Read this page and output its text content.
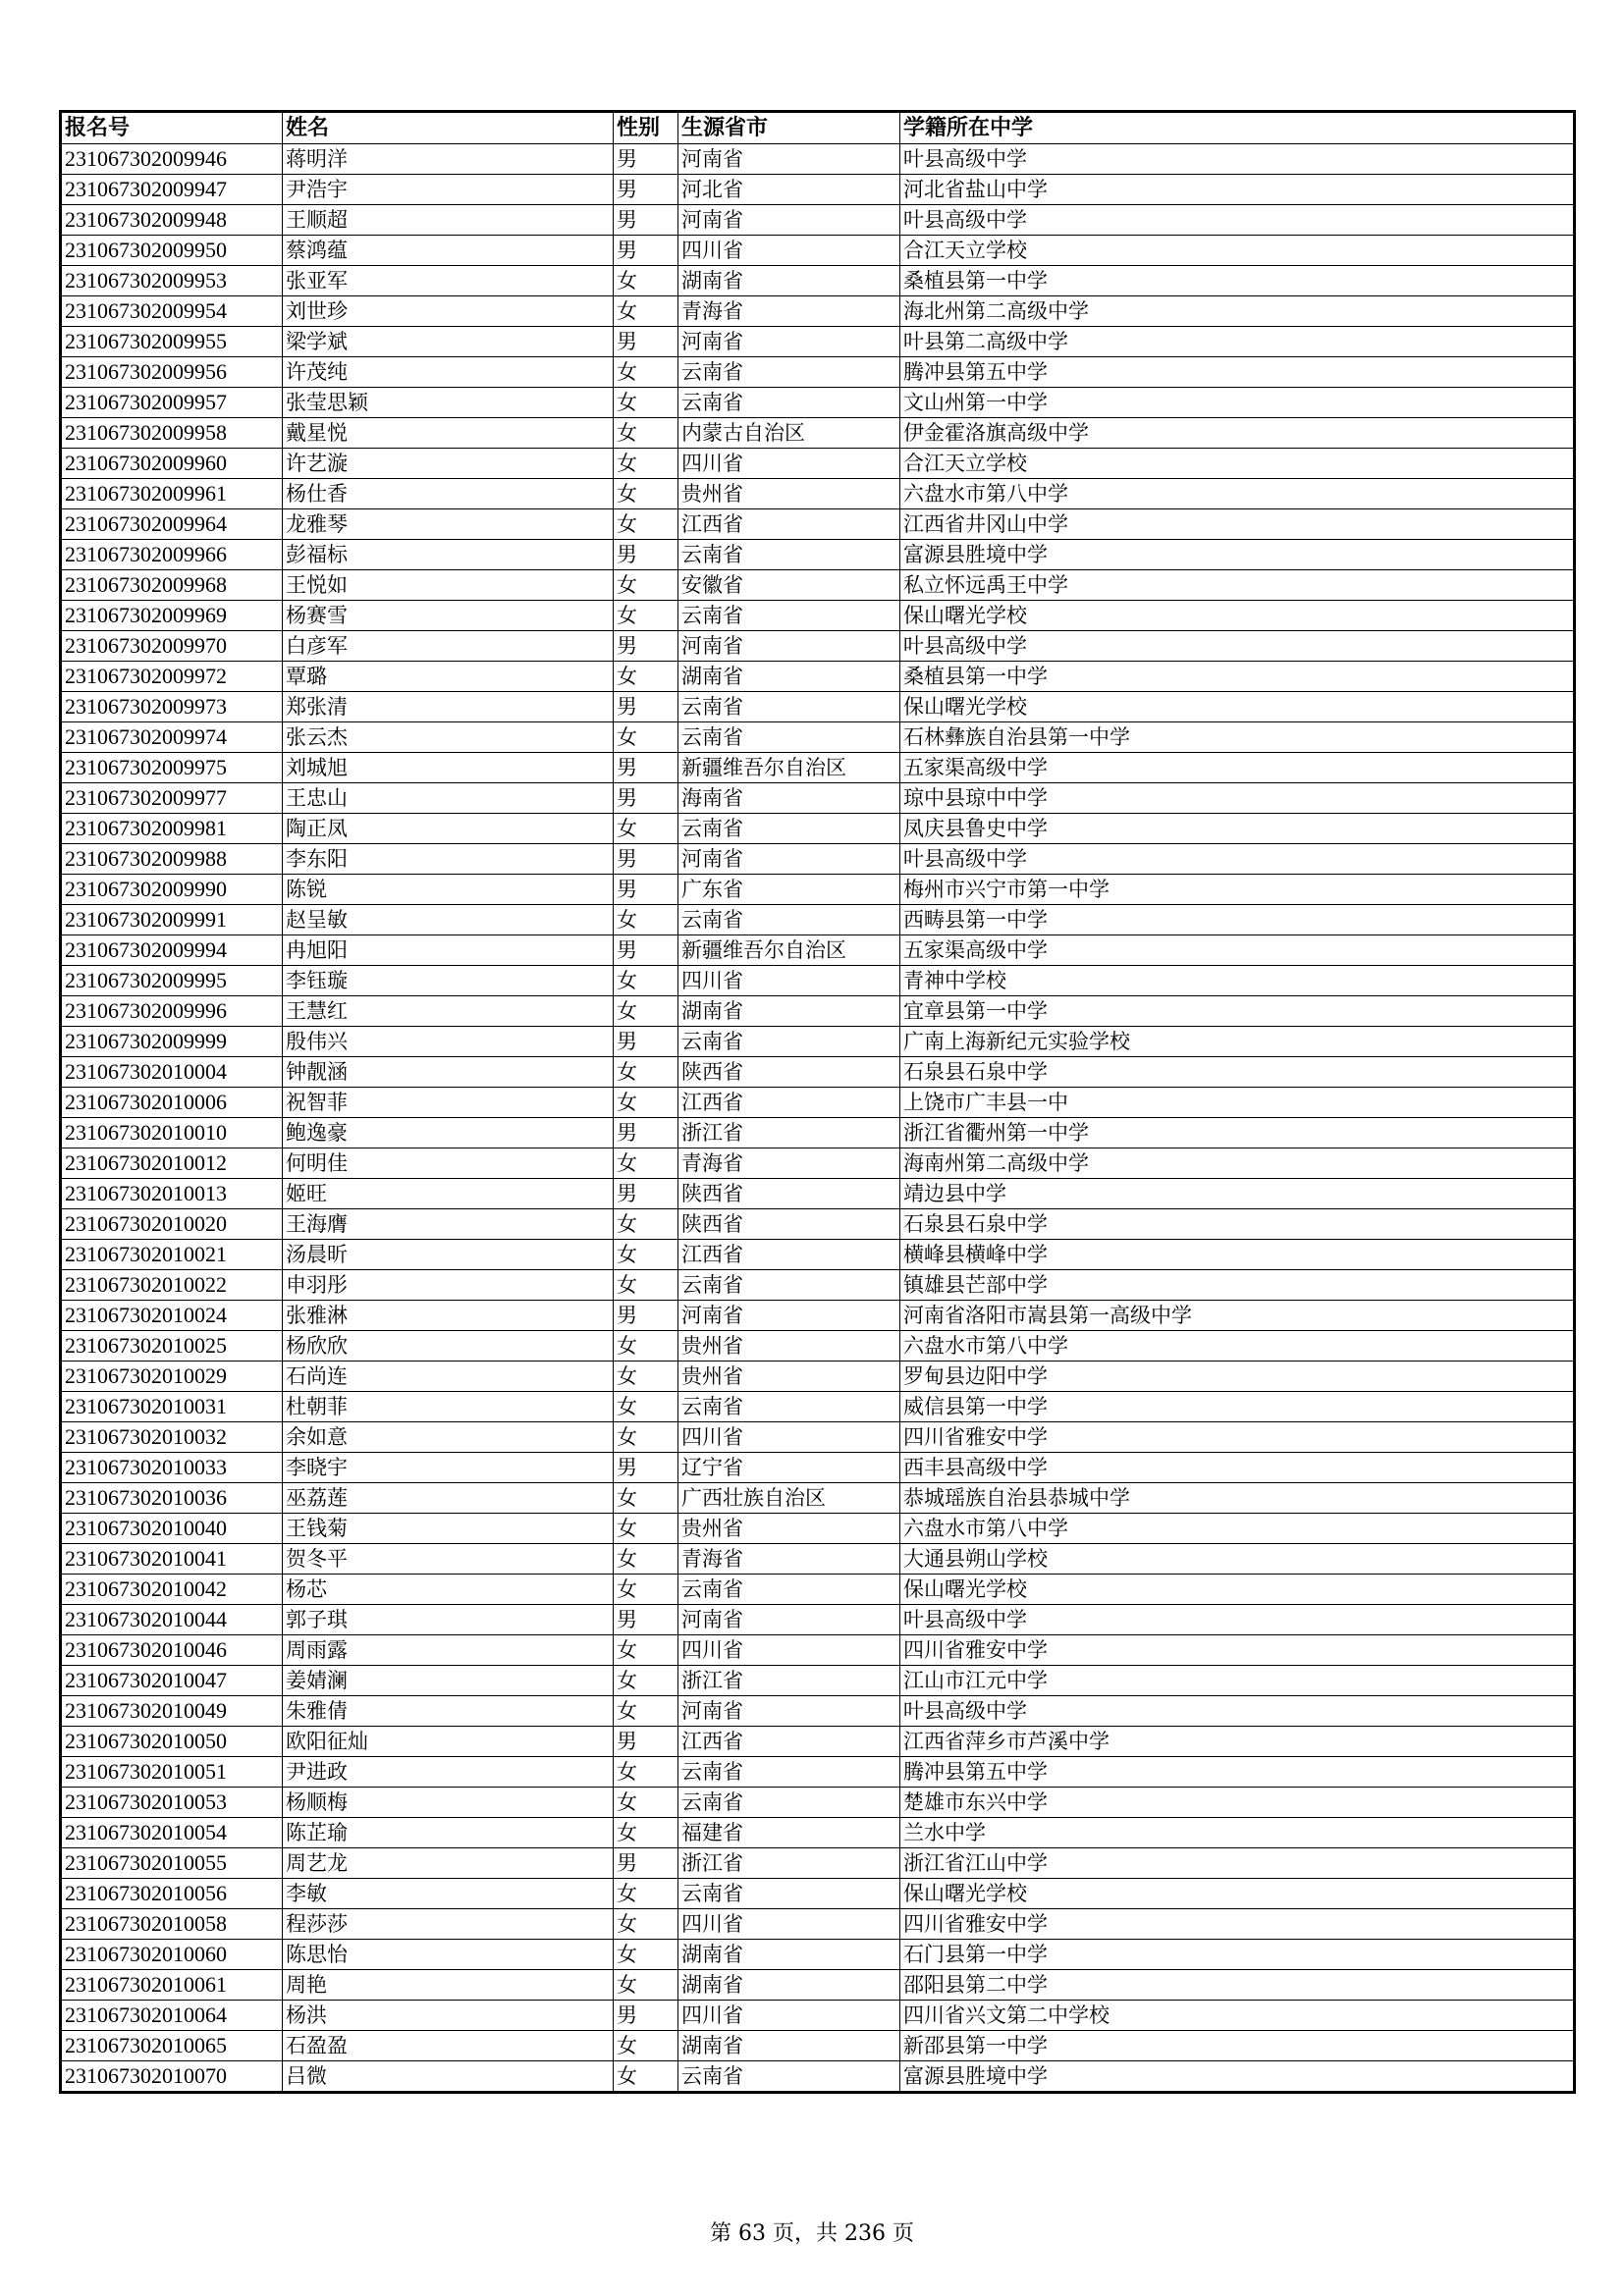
报名号	姓名	性别	生源省市	学籍所在中学
231067302009946	蒋明洋	男	河南省	叶县高级中学
231067302009947	尹浩宇	男	河北省	河北省盐山中学
231067302009948	王顺超	男	河南省	叶县高级中学
231067302009950	蔡鸿蕴	男	四川省	合江天立学校
231067302009953	张亚军	女	湖南省	桑植县第一中学
231067302009954	刘世珍	女	青海省	海北州第二高级中学
231067302009955	梁学斌	男	河南省	叶县第二高级中学
231067302009956	许茂纯	女	云南省	腾冲县第五中学
231067302009957	张莹思颖	女	云南省	文山州第一中学
231067302009958	戴星悦	女	内蒙古自治区	伊金霍洛旗高级中学
231067302009960	许艺漩	女	四川省	合江天立学校
231067302009961	杨仕香	女	贵州省	六盘水市第八中学
231067302009964	龙雅琴	女	江西省	江西省井冈山中学
231067302009966	彭福标	男	云南省	富源县胜境中学
231067302009968	王悦如	女	安徽省	私立怀远禹王中学
231067302009969	杨赛雪	女	云南省	保山曙光学校
231067302009970	白彦军	男	河南省	叶县高级中学
231067302009972	覃璐	女	湖南省	桑植县第一中学
231067302009973	郑张清	男	云南省	保山曙光学校
231067302009974	张云杰	女	云南省	石林彝族自治县第一中学
231067302009975	刘城旭	男	新疆维吾尔自治区	五家渠高级中学
231067302009977	王忠山	男	海南省	琼中县琼中中学
231067302009981	陶正凤	女	云南省	凤庆县鲁史中学
231067302009988	李东阳	男	河南省	叶县高级中学
231067302009990	陈锐	男	广东省	梅州市兴宁市第一中学
231067302009991	赵呈敏	女	云南省	西畴县第一中学
231067302009994	冉旭阳	男	新疆维吾尔自治区	五家渠高级中学
231067302009995	李钰璇	女	四川省	青神中学校
231067302009996	王慧红	女	湖南省	宜章县第一中学
231067302009999	殷伟兴	男	云南省	广南上海新纪元实验学校
231067302010004	钟靓涵	女	陕西省	石泉县石泉中学
231067302010006	祝智菲	女	江西省	上饶市广丰县一中
231067302010010	鲍逸豪	男	浙江省	浙江省衢州第一中学
231067302010012	何明佳	女	青海省	海南州第二高级中学
231067302010013	姬旺	男	陕西省	靖边县中学
231067302010020	王海膺	女	陕西省	石泉县石泉中学
231067302010021	汤晨昕	女	江西省	横峰县横峰中学
231067302010022	申羽彤	女	云南省	镇雄县芒部中学
231067302010024	张雅淋	男	河南省	河南省洛阳市嵩县第一高级中学
231067302010025	杨欣欣	女	贵州省	六盘水市第八中学
231067302010029	石尚连	女	贵州省	罗甸县边阳中学
231067302010031	杜朝菲	女	云南省	威信县第一中学
231067302010032	余如意	女	四川省	四川省雅安中学
231067302010033	李晓宇	男	辽宁省	西丰县高级中学
231067302010036	巫荔莲	女	广西壮族自治区	恭城瑶族自治县恭城中学
231067302010040	王钱菊	女	贵州省	六盘水市第八中学
231067302010041	贺冬平	女	青海省	大通县朔山学校
231067302010042	杨芯	女	云南省	保山曙光学校
231067302010044	郭子琪	男	河南省	叶县高级中学
231067302010046	周雨露	女	四川省	四川省雅安中学
231067302010047	姜婧澜	女	浙江省	江山市江元中学
231067302010049	朱雅倩	女	河南省	叶县高级中学
231067302010050	欧阳征灿	男	江西省	江西省萍乡市芦溪中学
231067302010051	尹进政	女	云南省	腾冲县第五中学
231067302010053	杨顺梅	女	云南省	楚雄市东兴中学
231067302010054	陈芷瑜	女	福建省	兰水中学
231067302010055	周艺龙	男	浙江省	浙江省江山中学
231067302010056	李敏	女	云南省	保山曙光学校
231067302010058	程莎莎	女	四川省	四川省雅安中学
231067302010060	陈思怡	女	湖南省	石门县第一中学
231067302010061	周艳	女	湖南省	邵阳县第二中学
231067302010064	杨洪	男	四川省	四川省兴文第二中学校
231067302010065	石盈盈	女	湖南省	新邵县第一中学
231067302010070	吕微	女	云南省	富源县胜境中学
第 63 页，共 236 页
